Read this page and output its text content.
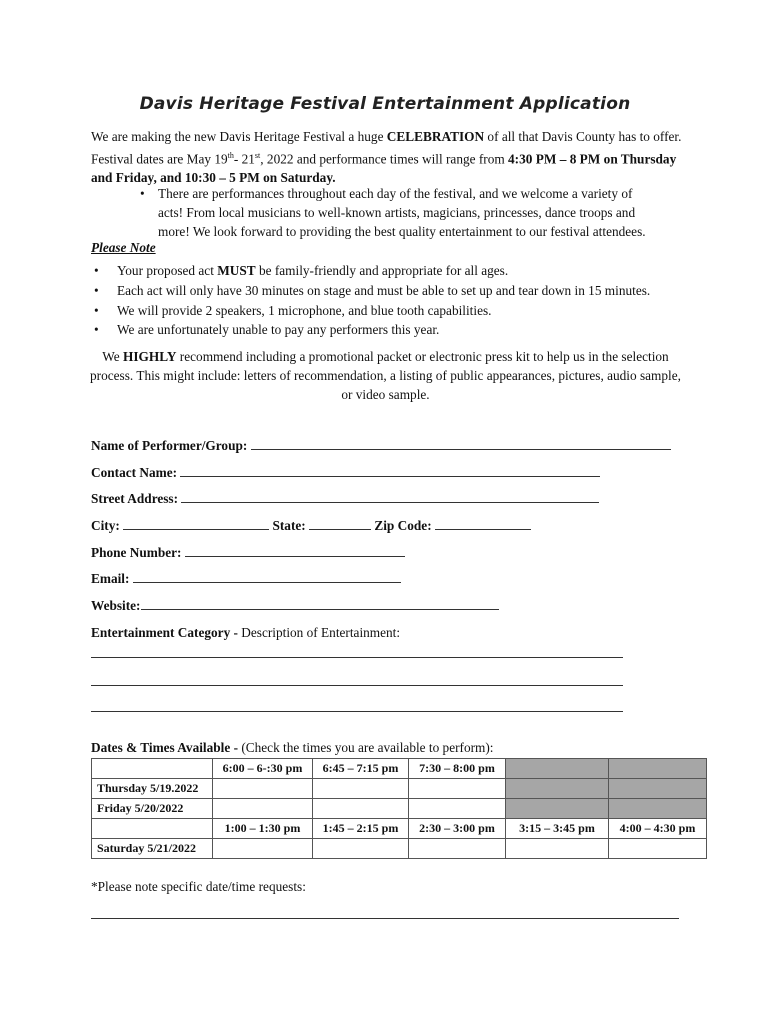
Davis Heritage Festival Entertainment Application
We are making the new Davis Heritage Festival a huge CELEBRATION of all that Davis County has to offer. Festival dates are May 19th- 21st, 2022 and performance times will range from 4:30 PM – 8 PM on Thursday and Friday, and 10:30 – 5 PM on Saturday.
• There are performances throughout each day of the festival, and we welcome a variety of acts! From local musicians to well-known artists, magicians, princesses, dance troops and more! We look forward to providing the best quality entertainment to our festival attendees.
Please Note
• Your proposed act MUST be family-friendly and appropriate for all ages.
• Each act will only have 30 minutes on stage and must be able to set up and tear down in 15 minutes.
• We will provide 2 speakers, 1 microphone, and blue tooth capabilities.
• We are unfortunately unable to pay any performers this year.
We HIGHLY recommend including a promotional packet or electronic press kit to help us in the selection process. This might include: letters of recommendation, a listing of public appearances, pictures, audio sample, or video sample.
Name of Performer/Group:
Contact Name:
Street Address:
City:	State:	Zip Code:
Phone Number:
Email:
Website:
Entertainment Category - Description of Entertainment:
Dates & Times Available - (Check the times you are available to perform):
	6:00 – 6-:30 pm	6:45 – 7:15 pm	7:30 – 8:00 pm		
Thursday 5/19.2022					
Friday 5/20/2022					
	1:00 – 1:30 pm	1:45 – 2:15 pm	2:30 – 3:00 pm	3:15 – 3:45 pm	4:00 – 4:30 pm
Saturday 5/21/2022					
*Please note specific date/time requests:
